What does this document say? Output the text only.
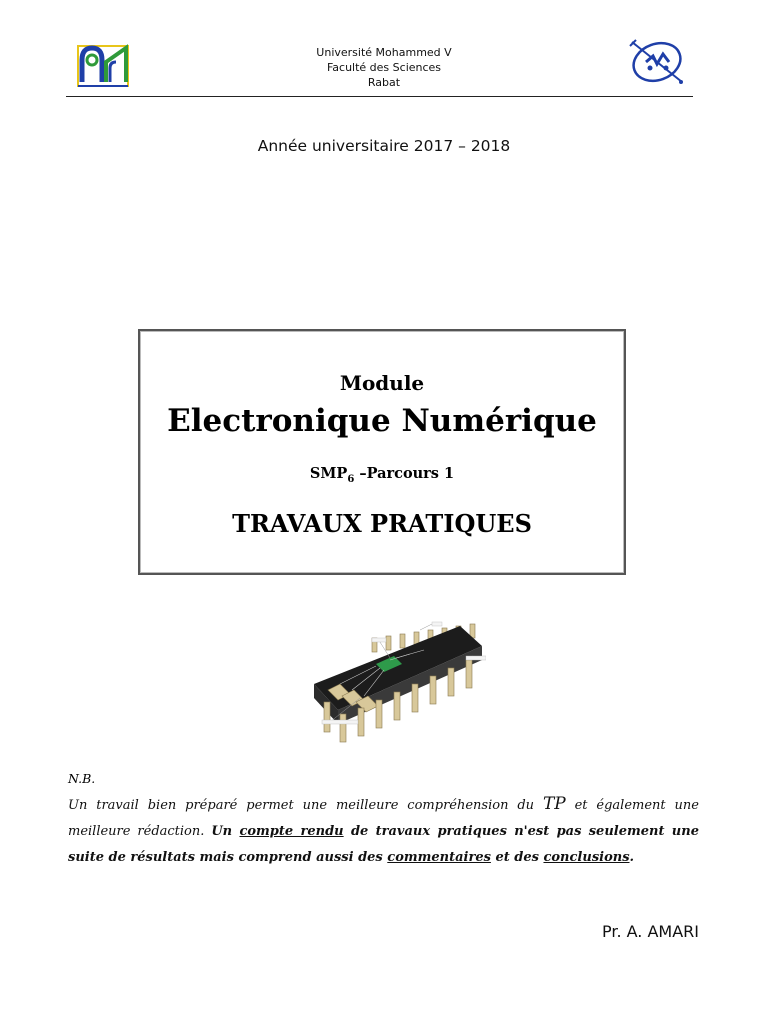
Université Mohammed V
Faculté des Sciences
Rabat
Année universitaire 2017 – 2018
Module
Electronique Numérique
$SMP_6$ –Parcours 1
TRAVAUX PRATIQUES
N.B.
Un travail bien préparé permet une meilleure compréhension du TP et également une meilleure rédaction. Un compte rendu de travaux pratiques n'est pas seulement une suite de résultats mais comprend aussi des commentaires et des conclusions.
Pr. A. AMARI
